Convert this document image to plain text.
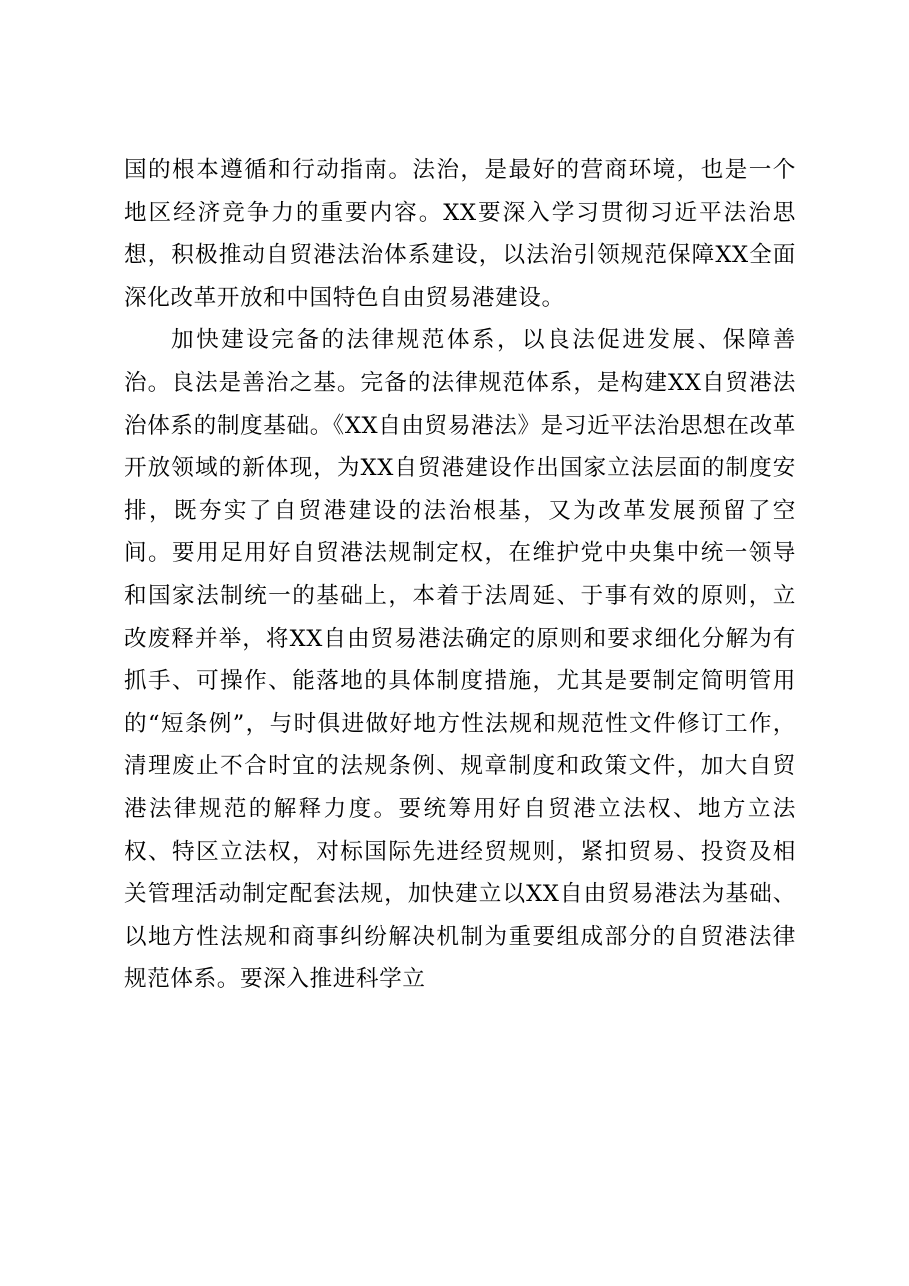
国的根本遵循和行动指南。法治，是最好的营商环境，也是一个地区经济竞争力的重要内容。XX要深入学习贯彻习近平法治思想，积极推动自贸港法治体系建设，以法治引领规范保障XX全面深化改革开放和中国特色自由贸易港建设。

加快建设完备的法律规范体系，以良法促进发展、保障善治。良法是善治之基。完备的法律规范体系，是构建XX自贸港法治体系的制度基础。《XX自由贸易港法》是习近平法治思想在改革开放领域的新体现，为XX自贸港建设作出国家立法层面的制度安排，既夯实了自贸港建设的法治根基，又为改革发展预留了空间。要用足用好自贸港法规制定权，在维护党中央集中统一领导和国家法制统一的基础上，本着于法周延、于事有效的原则，立改废释并举，将XX自由贸易港法确定的原则和要求细化分解为有抓手、可操作、能落地的具体制度措施，尤其是要制定简明管用的“短条例”，与时俱进做好地方性法规和规范性文件修订工作，清理废止不合时宜的法规条例、规章制度和政策文件，加大自贸港法律规范的解释力度。要统筹用好自贸港立法权、地方立法权、特区立法权，对标国际先进经贸规则，紧扣贸易、投资及相关管理活动制定配套法规，加快建立以XX自由贸易港法为基础、以地方性法规和商事纠纷解决机制为重要组成部分的自贸港法律规范体系。要深入推进科学立
